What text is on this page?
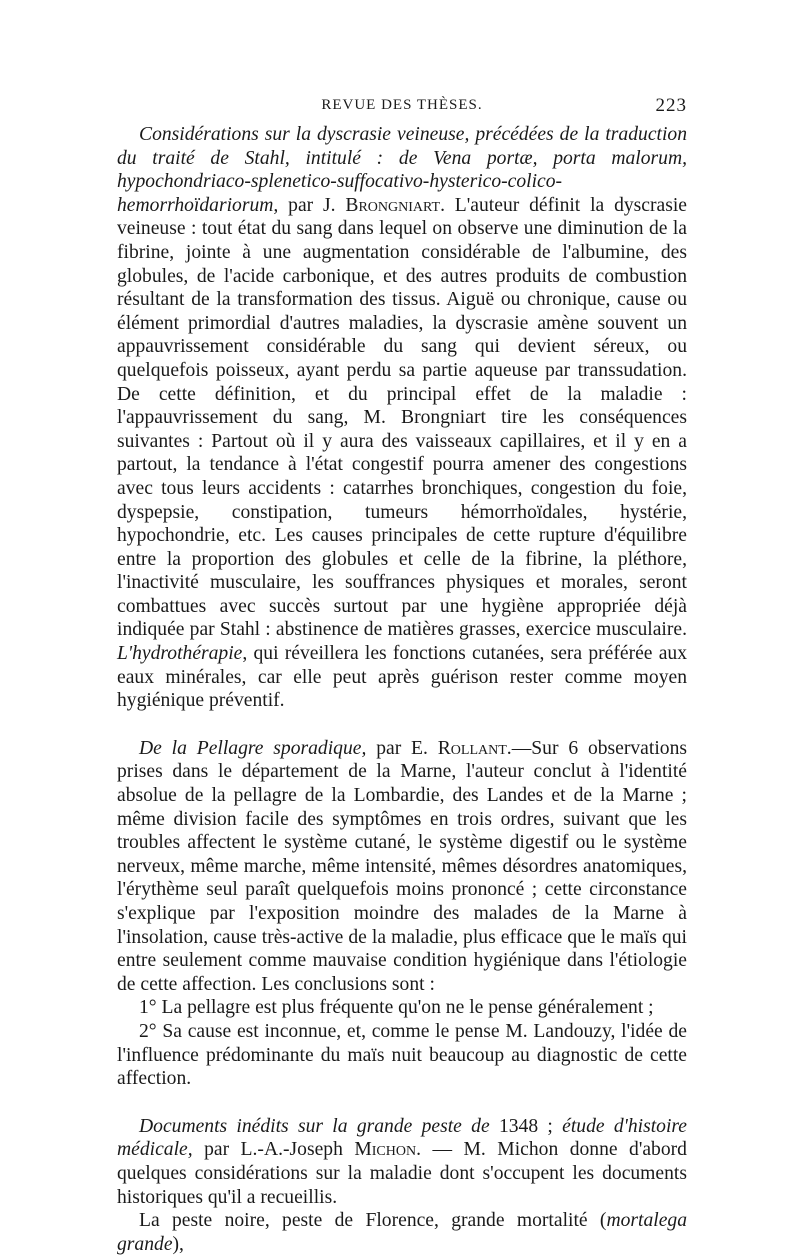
REVUE DES THÈSES.	223

Considérations sur la dyscrasie veineuse, précédées de la traduction du traité de Stahl, intitulé : de Vena portæ, porta malorum, hypochondriaco-splenetico-suffocativo-hysterico-colico-hemorrhoïdariorum, par J. Brongniart. L'auteur définit la dyscrasie veineuse : tout état du sang dans lequel on observe une diminution de la fibrine, jointe à une augmentation considérable de l'albumine, des globules, de l'acide carbonique, et des autres produits de combustion résultant de la transformation des tissus. Aiguë ou chronique, cause ou élément primordial d'autres maladies, la dyscrasie amène souvent un appauvrissement considérable du sang qui devient séreux, ou quelquefois poisseux, ayant perdu sa partie aqueuse par transsudation. De cette définition, et du principal effet de la maladie : l'appauvrissement du sang, M. Brongniart tire les conséquences suivantes : Partout où il y aura des vaisseaux capillaires, et il y en a partout, la tendance à l'état congestif pourra amener des congestions avec tous leurs accidents : catarrhes bronchiques, congestion du foie, dyspepsie, constipation, tumeurs hémorrhoïdales, hystérie, hypochondrie, etc. Les causes principales de cette rupture d'équilibre entre la proportion des globules et celle de la fibrine, la pléthore, l'inactivité musculaire, les souffrances physiques et morales, seront combattues avec succès surtout par une hygiène appropriée déjà indiquée par Stahl : abstinence de matières grasses, exercice musculaire. L'hydrothérapie, qui réveillera les fonctions cutanées, sera préférée aux eaux minérales, car elle peut après guérison rester comme moyen hygiénique préventif.

De la Pellagre sporadique, par E. Rollant.—Sur 6 observations prises dans le département de la Marne, l'auteur conclut à l'identité absolue de la pellagre de la Lombardie, des Landes et de la Marne ; même division facile des symptômes en trois ordres, suivant que les troubles affectent le système cutané, le système digestif ou le système nerveux, même marche, même intensité, mêmes désordres anatomiques, l'érythème seul paraît quelquefois moins prononcé ; cette circonstance s'explique par l'exposition moindre des malades de la Marne à l'insolation, cause très-active de la maladie, plus efficace que le maïs qui entre seulement comme mauvaise condition hygiénique dans l'étiologie de cette affection. Les conclusions sont :

1° La pellagre est plus fréquente qu'on ne le pense généralement ;

2° Sa cause est inconnue, et, comme le pense M. Landouzy, l'idée de l'influence prédominante du maïs nuit beaucoup au diagnostic de cette affection.

Documents inédits sur la grande peste de 1348 ; étude d'histoire médicale, par L.-A.-Joseph Michon. — M. Michon donne d'abord quelques considérations sur la maladie dont s'occupent les documents historiques qu'il a recueillis.

La peste noire, peste de Florence, grande mortalité (mortalega grande),
